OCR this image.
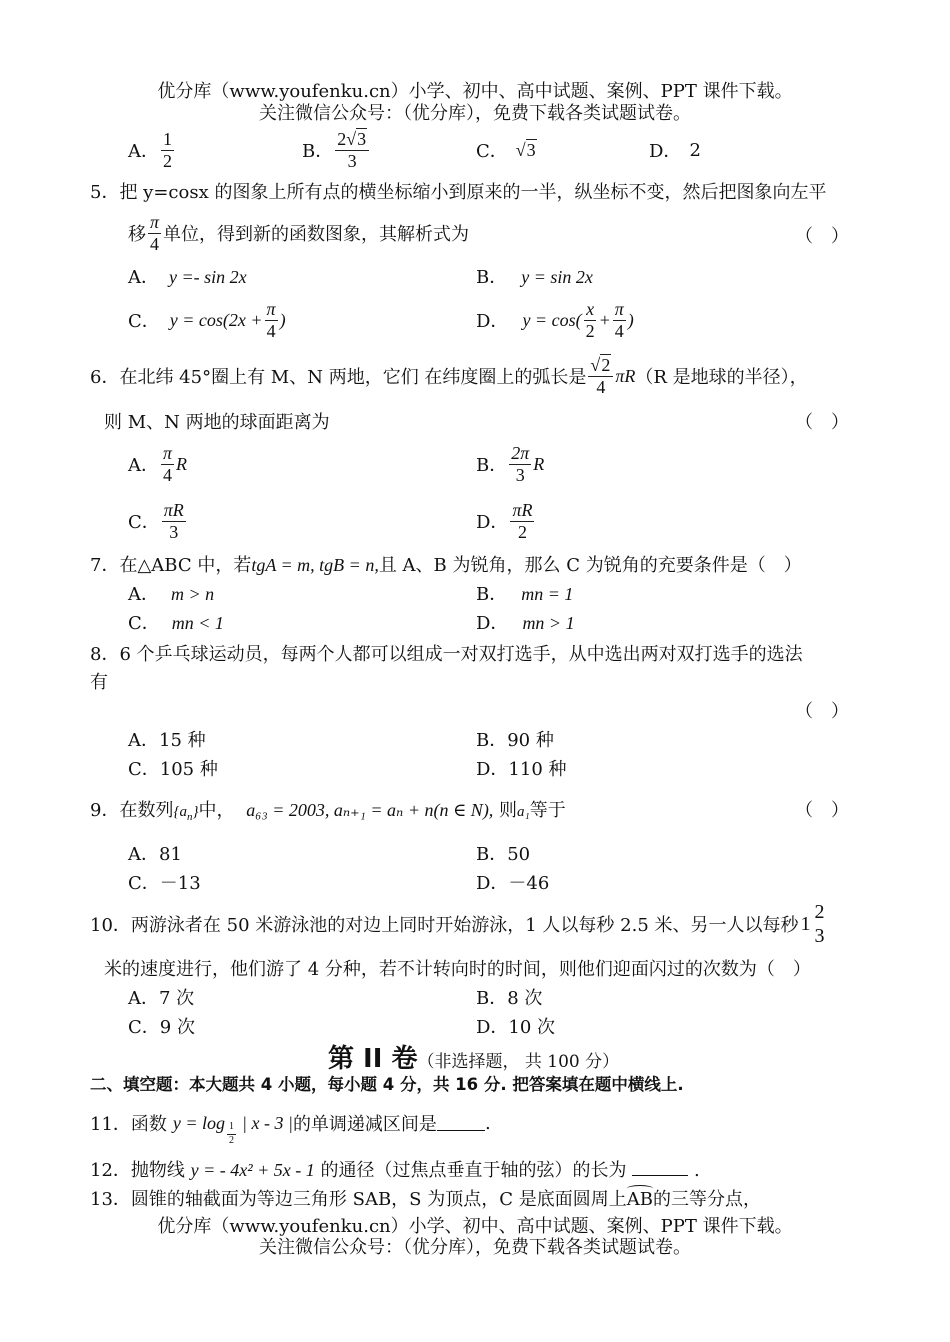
优分库（www.youfenku.cn）小学、初中、高中试题、案例、PPT 课件下载。
关注微信公众号：（优分库），免费下载各类试题试卷。
A． $\frac{1}{2}$	B． $\frac{2√3}{3}$	C． √3	D． 2
5．把 y=cosx 的图象上所有点的横坐标缩小到原来的一半，纵坐标不变，然后把图象向左平
移 $\frac{\pi}{4}$ 单位，得到新的函数图象，其解析式为	（　）
A． y =- sin 2x	B． y = sin 2x
C． $y = \cos(2x + \frac{\pi}{4}$ )	D． $y = \cos( \frac{x}{2} + \frac{\pi}{4}$ )
6．在北纬 45°圈上有 M、N 两地，它们 在纬度圈上的弧长是 $\frac{√2}{4}$ πR （R 是地球的半径），
则 M、N 两地的球面距离为	（　）
A． $\frac{\pi}{4}$ R	B． $\frac{2\pi}{3}$ R
C． $\frac{\pi R}{3}$	D． $\frac{\pi R}{2}$
7．在△ABC 中，若tgA = m, tgB = n,且 A、B 为锐角，那么 C 为锐角的充要条件是（　）
A． m > n	B． mn = 1
C． mn < 1	D． mn > 1
8．6 个乒乓球运动员，每两个人都可以组成一对双打选手，从中选出两对双打选手的选法
有
（　）
A．15 种	B．90 种
C．105 种	D．110 种
9．在数列$\{a_n\}$中， a₆₃ = 2003, aₙ₊₁ = aₙ + n(n ∈ N), 则a₁等于	（　）
A．81	B．50
C．－13	D．－46
10．两游泳者在 50 米游泳池的对边上同时开始游泳，1 人以每秒 2.5 米、另一人以每秒 $1 \frac{2}{3}$
米的速度进行，他们游了 4 分种，若不计转向时的时间，则他们迎面闪过的次数为（　）
A．7 次	B．8 次
C．9 次	D．10 次
第 II 卷 （非选择题， 共 100 分）
二、填空题：本大题共 4 小题，每小题 4 分，共 16 分. 把答案填在题中横线上.
11．函数 $y = \log \frac{1}{2}$ | x - 3 | 的单调递减区间是	.
12．抛物线 y = - 4x² + 5x - 1 的通径（过焦点垂直于轴的弦）的长为	.
13．圆锥的轴截面为等边三角形 SAB，S 为顶点，C 是底面圆周上AB的三等分点，
优分库（www.youfenku.cn）小学、初中、高中试题、案例、PPT 课件下载。
关注微信公众号：（优分库），免费下载各类试题试卷。
